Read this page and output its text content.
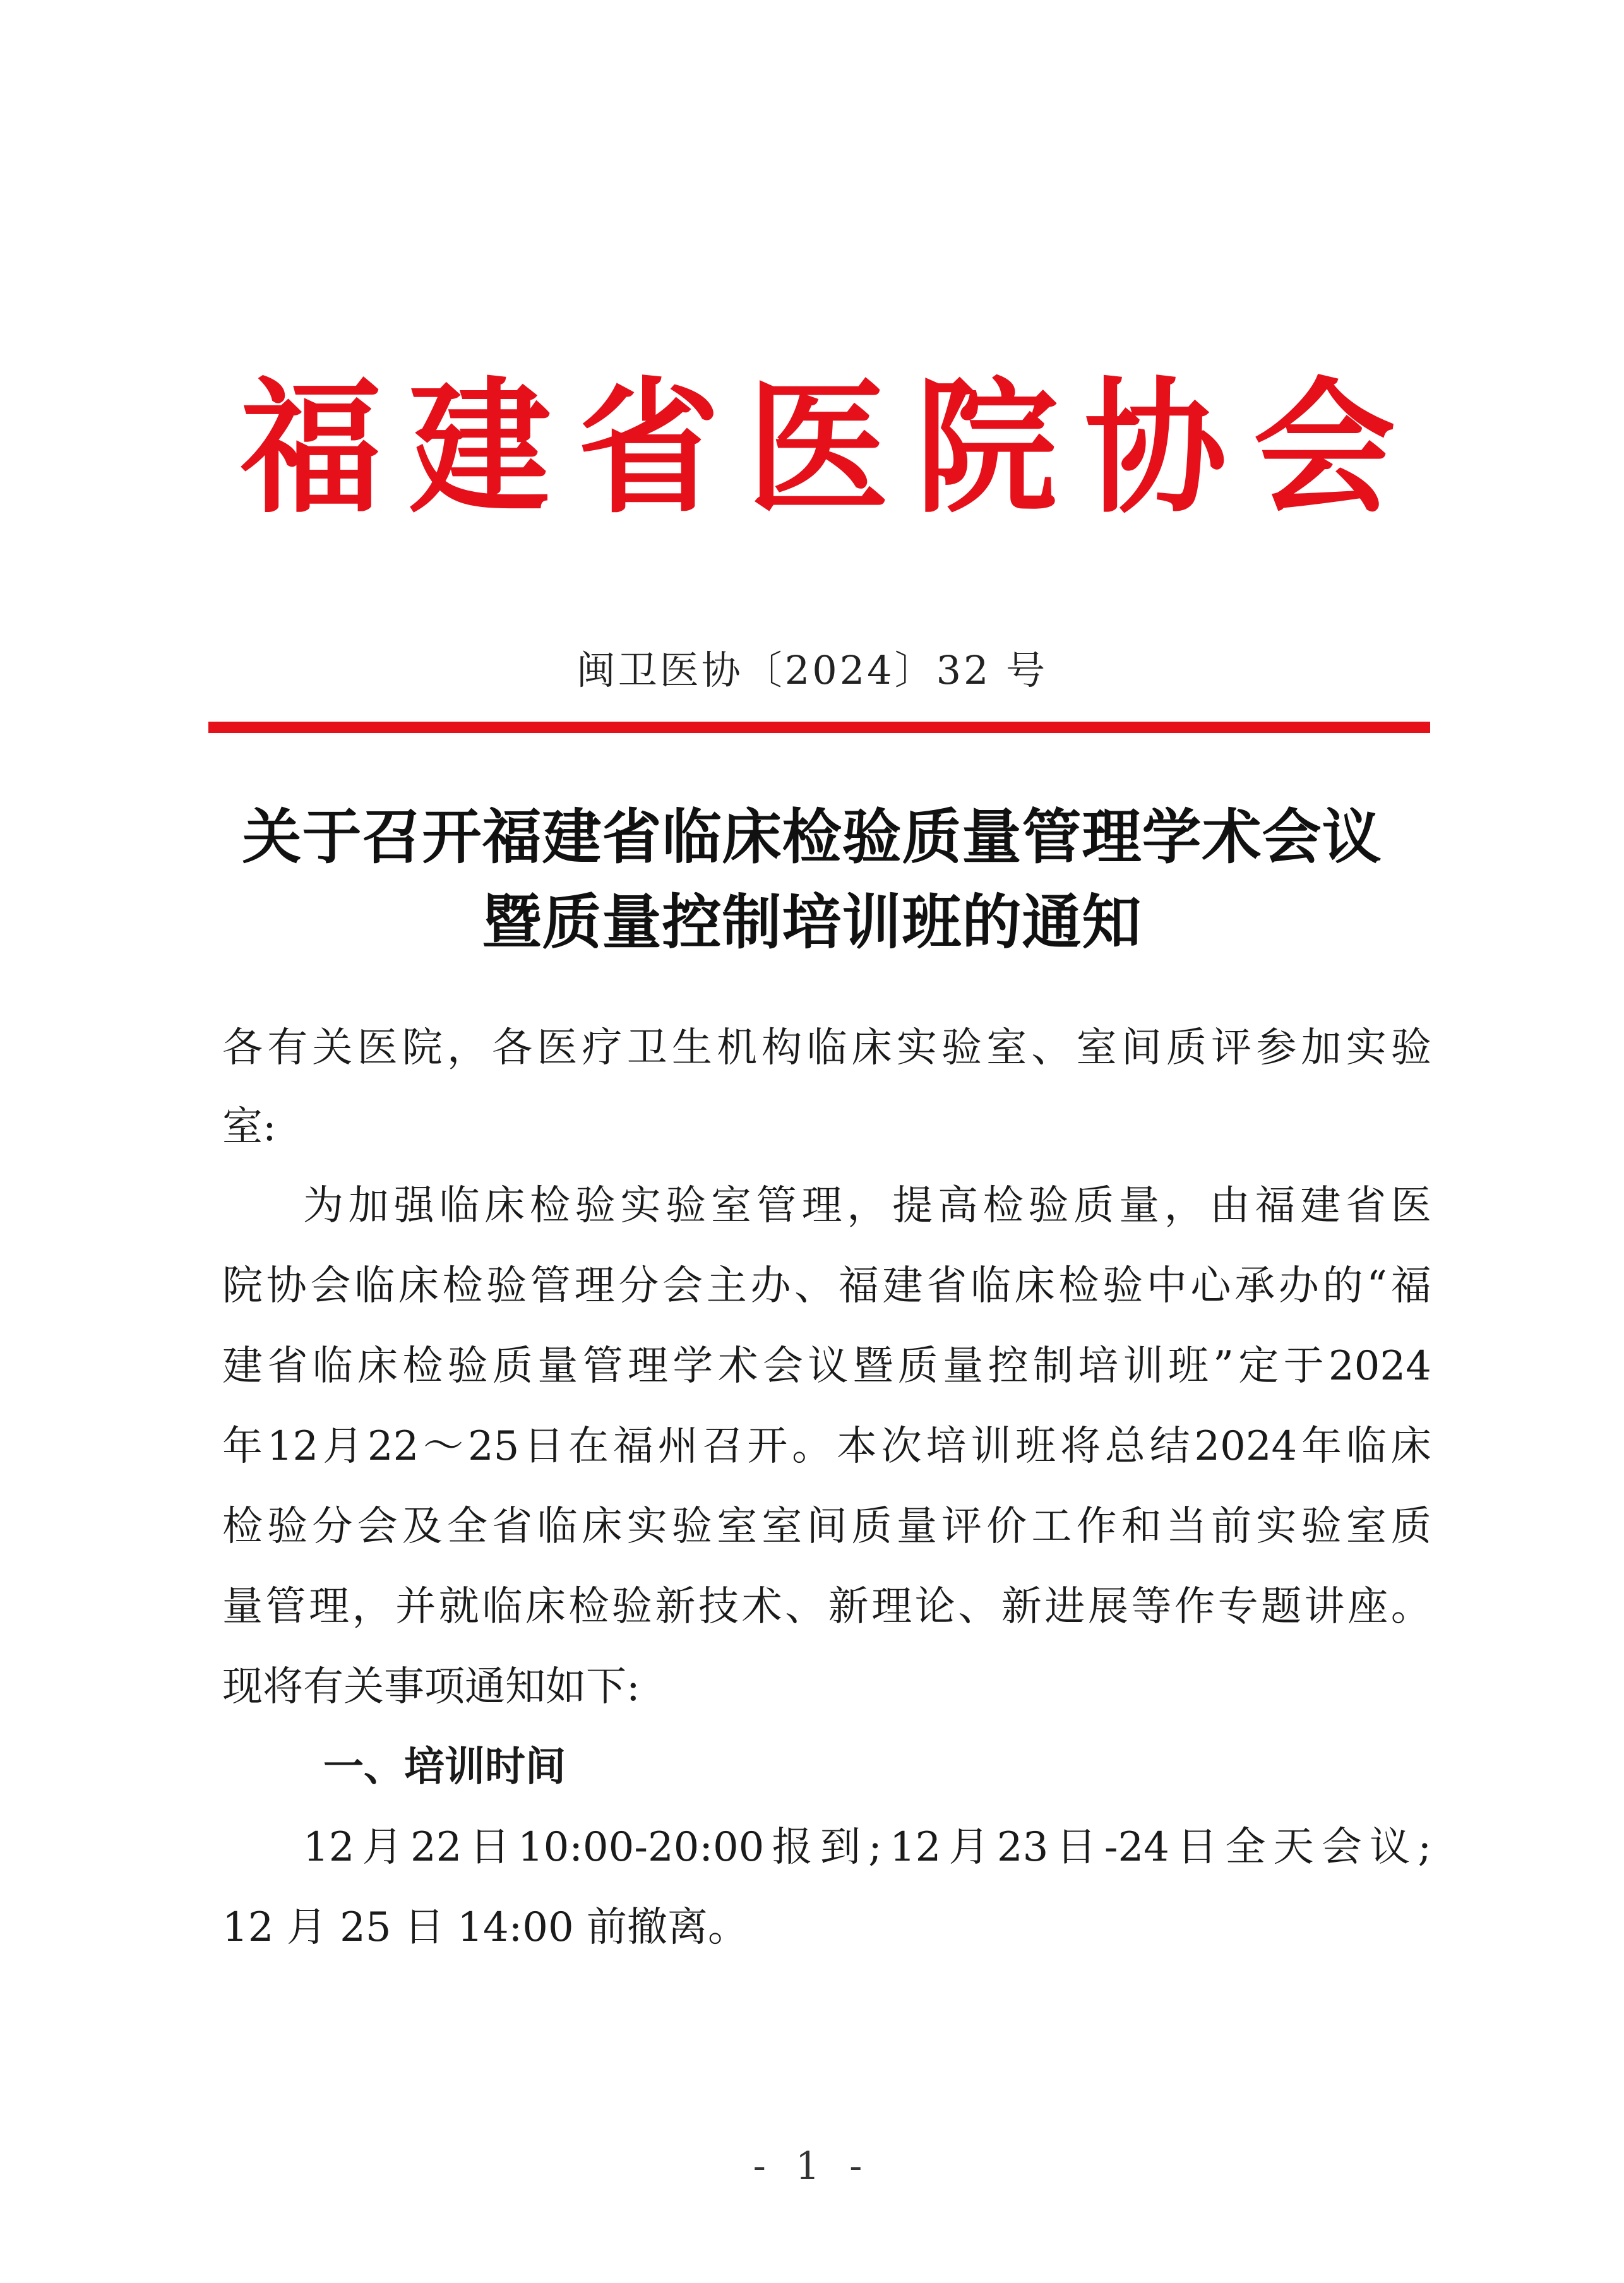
福 建 省 医 院 协 会
闽卫医协〔2024〕32 号
关于召开福建省临床检验质量管理学术会议
暨质量控制培训班的通知
各 有 关 医 院 ， 各 医 疗 卫 生 机 构 临 床 实 验 室 、 室 间 质 评 参 加 实 验
室:
为 加 强 临 床 检 验 实 验 室 管 理 ， 提 高 检 验 质 量 ， 由 福 建 省 医
院 协 会 临 床 检 验 管 理 分 会 主 办 、 福 建 省 临 床 检 验 中 心 承 办 的 “ 福
建 省 临 床 检 验 质 量 管 理 学 术 会 议 暨 质 量 控 制 培 训 班 ” 定 于 2024
年 12 月 22 ～ 25 日 在 福 州 召 开 。 本 次 培 训 班 将 总 结 2024 年 临 床
检 验 分 会 及 全 省 临 床 实 验 室 室 间 质 量 评 价 工 作 和 当 前 实 验 室 质
量 管 理 ， 并 就 临 床 检 验 新 技 术 、 新 理 论 、 新 进 展 等 作 专 题 讲 座 。
现将有关事项通知如下:
一、培训时间
12 月 22 日 10:00-20:00 报 到 ; 12 月 23 日 -24 日 全 天 会 议 ;
12 月 25 日 14:00 前撤离。
- 1 -
